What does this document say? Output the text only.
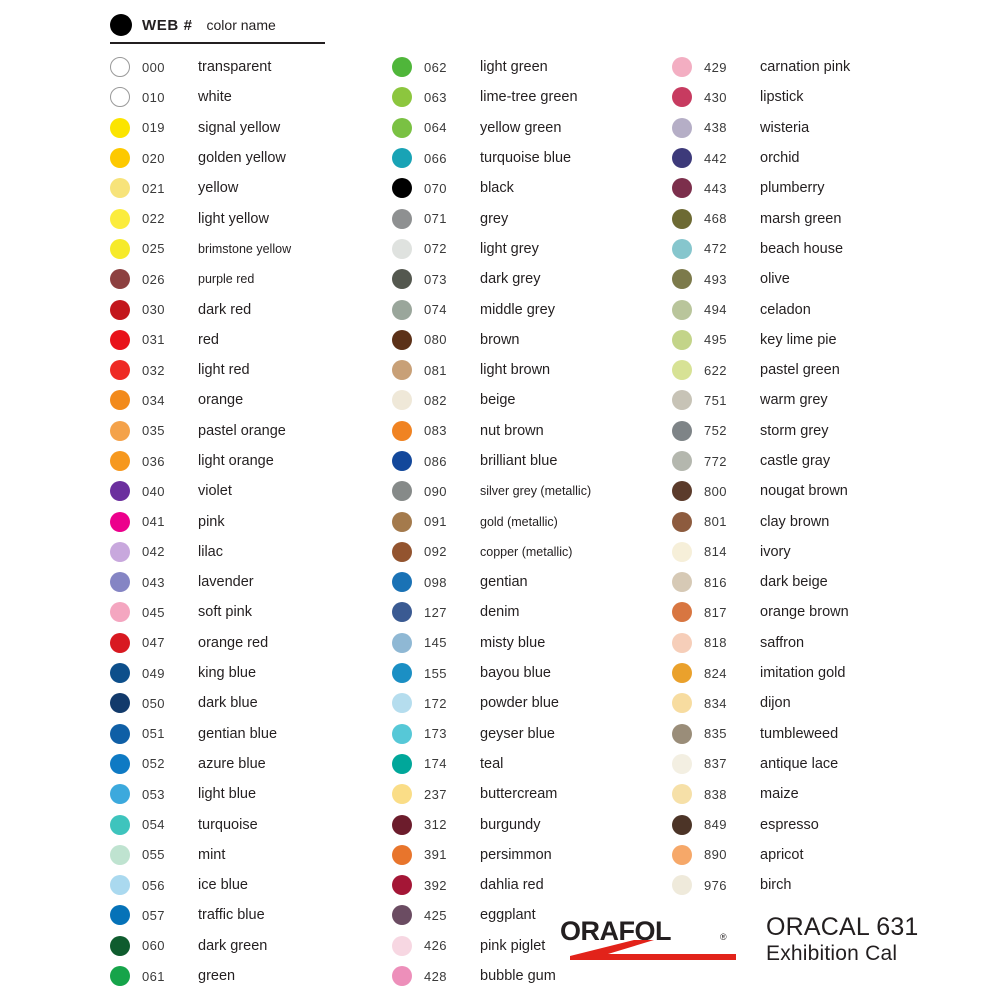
WEB # color name
000	transparent
010	white
019	signal yellow
020	golden yellow
021	yellow
022	light yellow
025	brimstone yellow
026	purple red
030	dark red
031	red
032	light red
034	orange
035	pastel orange
036	light orange
040	violet
041	pink
042	lilac
043	lavender
045	soft pink
047	orange red
049	king blue
050	dark blue
051	gentian blue
052	azure blue
053	light blue
054	turquoise
055	mint
056	ice blue
057	traffic blue
060	dark green
061	green
062	light green
063	lime-tree green
064	yellow green
066	turquoise blue
070	black
071	grey
072	light grey
073	dark grey
074	middle grey
080	brown
081	light brown
082	beige
083	nut brown
086	brilliant blue
090	silver grey (metallic)
091	gold (metallic)
092	copper (metallic)
098	gentian
127	denim
145	misty blue
155	bayou blue
172	powder blue
173	geyser blue
174	teal
237	buttercream
312	burgundy
391	persimmon
392	dahlia red
425	eggplant
426	pink piglet
428	bubble gum
429	carnation pink
430	lipstick
438	wisteria
442	orchid
443	plumberry
468	marsh green
472	beach house
493	olive
494	celadon
495	key lime pie
622	pastel green
751	warm grey
752	storm grey
772	castle gray
800	nougat brown
801	clay brown
814	ivory
816	dark beige
817	orange brown
818	saffron
824	imitation gold
834	dijon
835	tumbleweed
837	antique lace
838	maize
849	espresso
890	apricot
976	birch
ORAFOL	® ORACAL 631
Exhibition Cal
